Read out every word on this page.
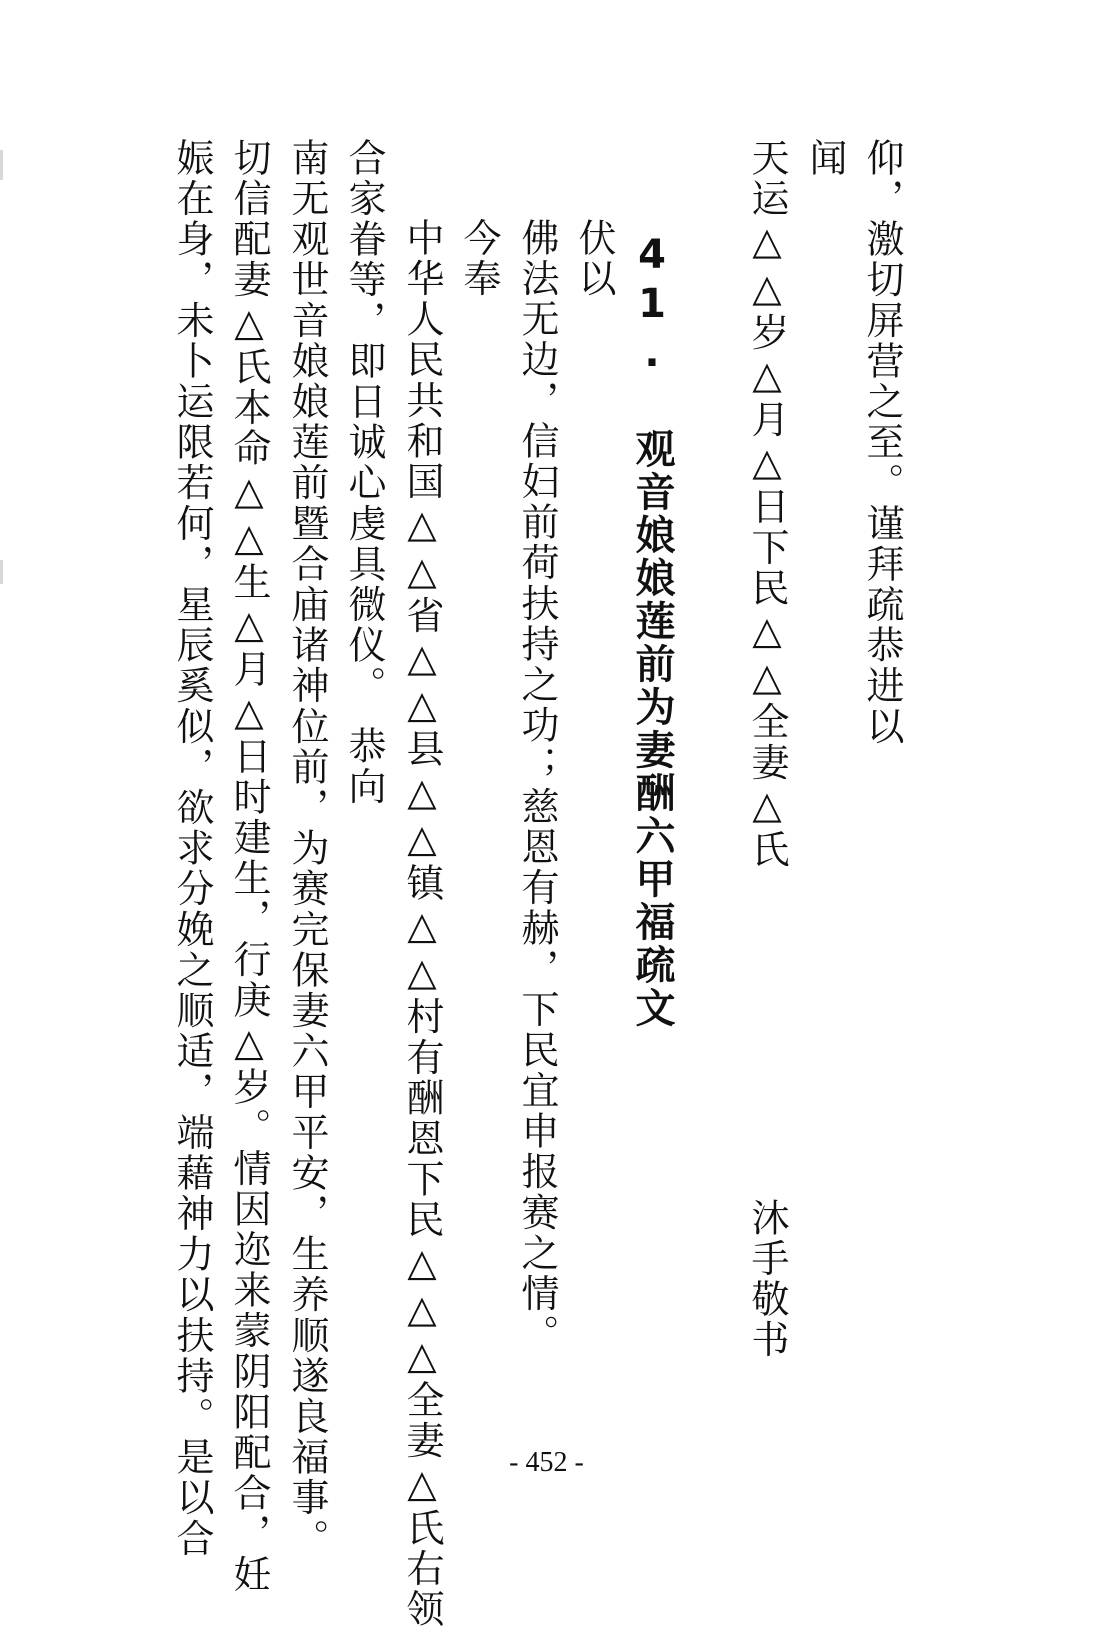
仰，激切屏营之至。谨拜疏恭进以
闻
天运△△岁△月△日下民△△全妻△氏
沐手敬书
41. 观音娘娘莲前为妻酬六甲福疏文
伏以
佛法无边，信妇前荷扶持之功；慈恩有赫，下民宜申报赛之情。
今奉
中华人民共和国△△省△△县△△镇△△村有酬恩下民△△△全妻△氏右领
合家眷等，即日诚心虔具微仪。
恭向
南无观世音娘娘莲前暨合庙诸神位前，为赛完保妻六甲平安，生养顺遂良福事。
切信配妻△氏本命△△生△月△日时建生，行庚△岁。情因迩来蒙阴阳配合，妊
娠在身，未卜运限若何，星辰奚似，欲求分娩之顺适，端藉神力以扶持。是以合	- 452 -
